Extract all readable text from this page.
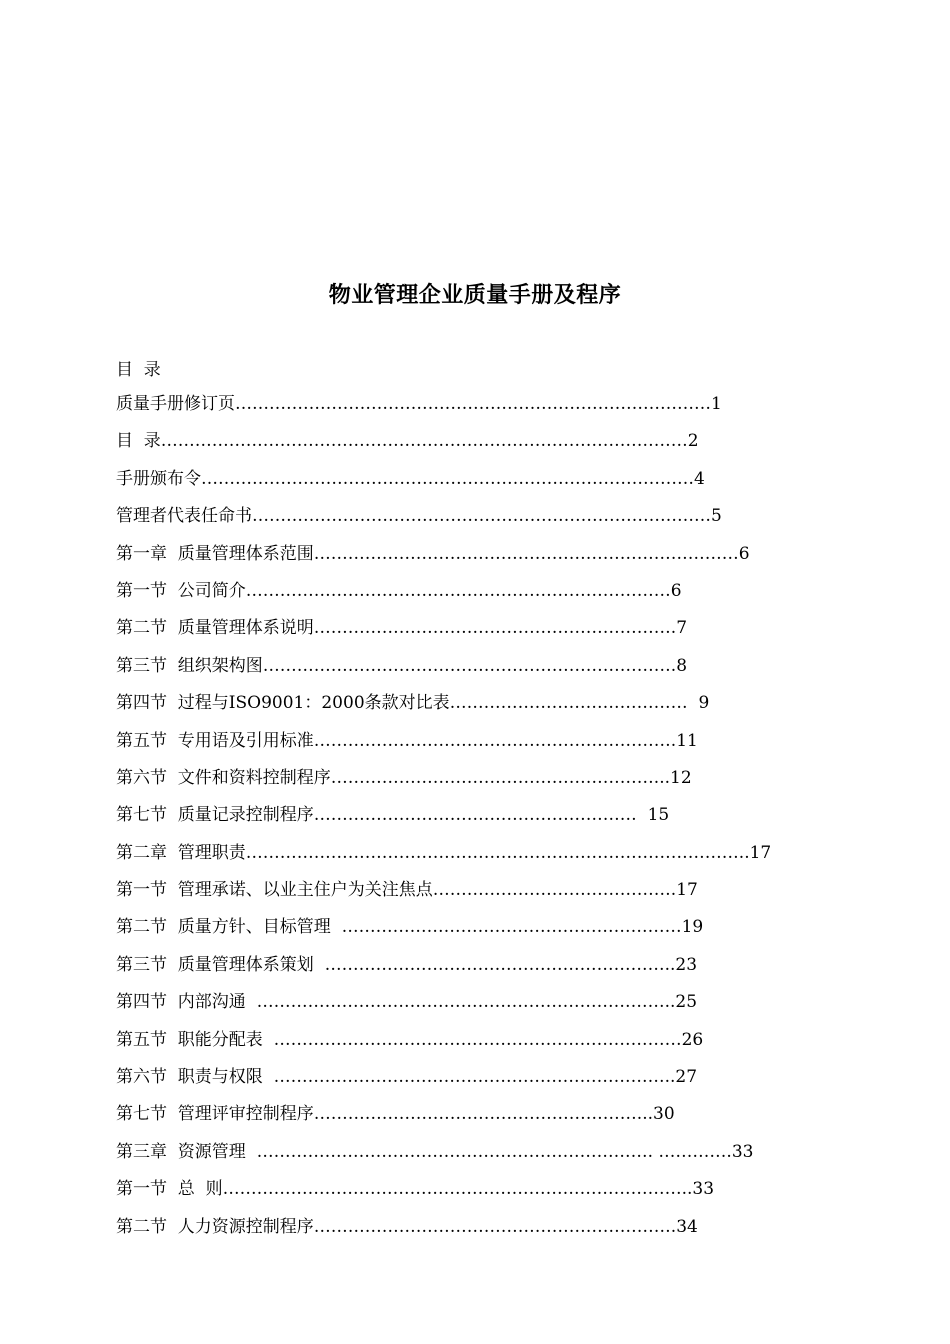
物业管理企业质量手册及程序
目  录
质量手册修订页…………………………………………………………………………1
目  录…………………………………………………………………………………2
手册颁布令……………………………………………………………………………4
管理者代表任命书………………………………………………………………………5
第一章  质量管理体系范围…………………………………………………………………6
第一节  公司简介…………………………………………………………………6
第二节  质量管理体系说明……………………………………………………….7
第三节  组织架构图……………………………………………………………….8
第四节  过程与ISO9001：2000条款对比表……………………………………  9
第五节  专用语及引用标准……………………………………………………….11
第六节  文件和资料控制程序…………………………………………………...12
第七节  质量记录控制程序…………………………………………………  15
第二章  管理职责……………………………………………………………………………..17
第一节  管理承诺、以业主住户为关注焦点…………………………………….17
第二节  质量方针、目标管理  ……………………………………………………19
第三节  质量管理体系策划  ……………………………………………………..23
第四节  内部沟通  ………………………………………………………………..25
第五节  职能分配表  ………………………………………………………………26
第六节  职责与权限  ……………………………………………………………..27
第七节  管理评审控制程序…………………………………………………...30
第三章  资源管理  ……………………………………………………………. ………….33
第一节  总  则………………………………………………………………………..33
第二节  人力资源控制程序……………………………………………………….34
